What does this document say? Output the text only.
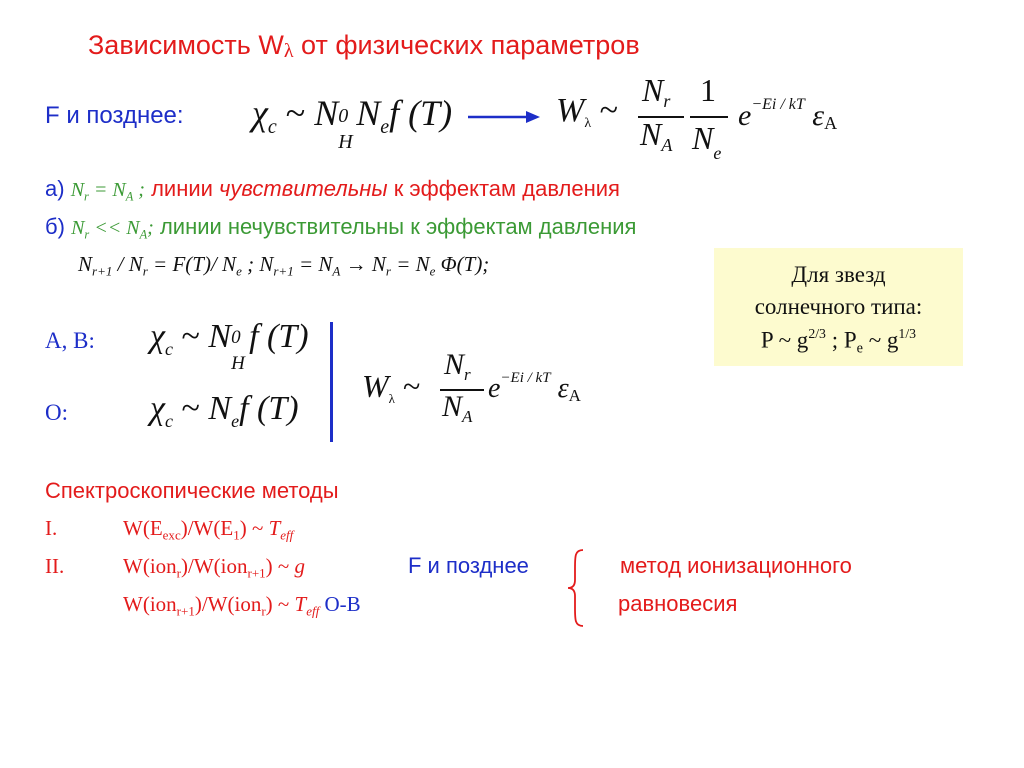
Зависимость Wλ от физических параметров
F и позднее: $\chi_c$ ~ N 0
H
$N_ef$ (T)	Wλ ~
Nr
NA
1
$N_e$
$e^{-Ei / kT}$ εA
а) $N_r = N_A$ ; линии чувствительны к эффектам давления
б) $N_r << N_A$; линии нечувствительны к эффектам давления
$N_{r+1} / N_r = F(T)/$ $N_e$ ; $N_{r+1} = N_A \to N_r = N_e$ Φ(T);	Для звезд
солнечного типа:
P ~ $g^{2/3}$ ; $P_e$ ~ $g^{1/3}$
A, B: $\chi_c$ ~ N 0
H
f (T)
O: $\chi_c$ ~ $N_ef$ (T)
Wλ ~
$N_r$
$N_A$
$e^{-Ei / kT}$ εA
Спектроскопические методы
I.	$W(E_{exc})/W(E_1)$ ~ $T_{eff}$
II.	W(ion$_r$)/W(ion$_{r+1}$) ~ g	F и позднее
W(ion$_{r+1}$)/W(ion$_r$) ~ $T_{eff}$ O-B
метод ионизационного
равновесия
